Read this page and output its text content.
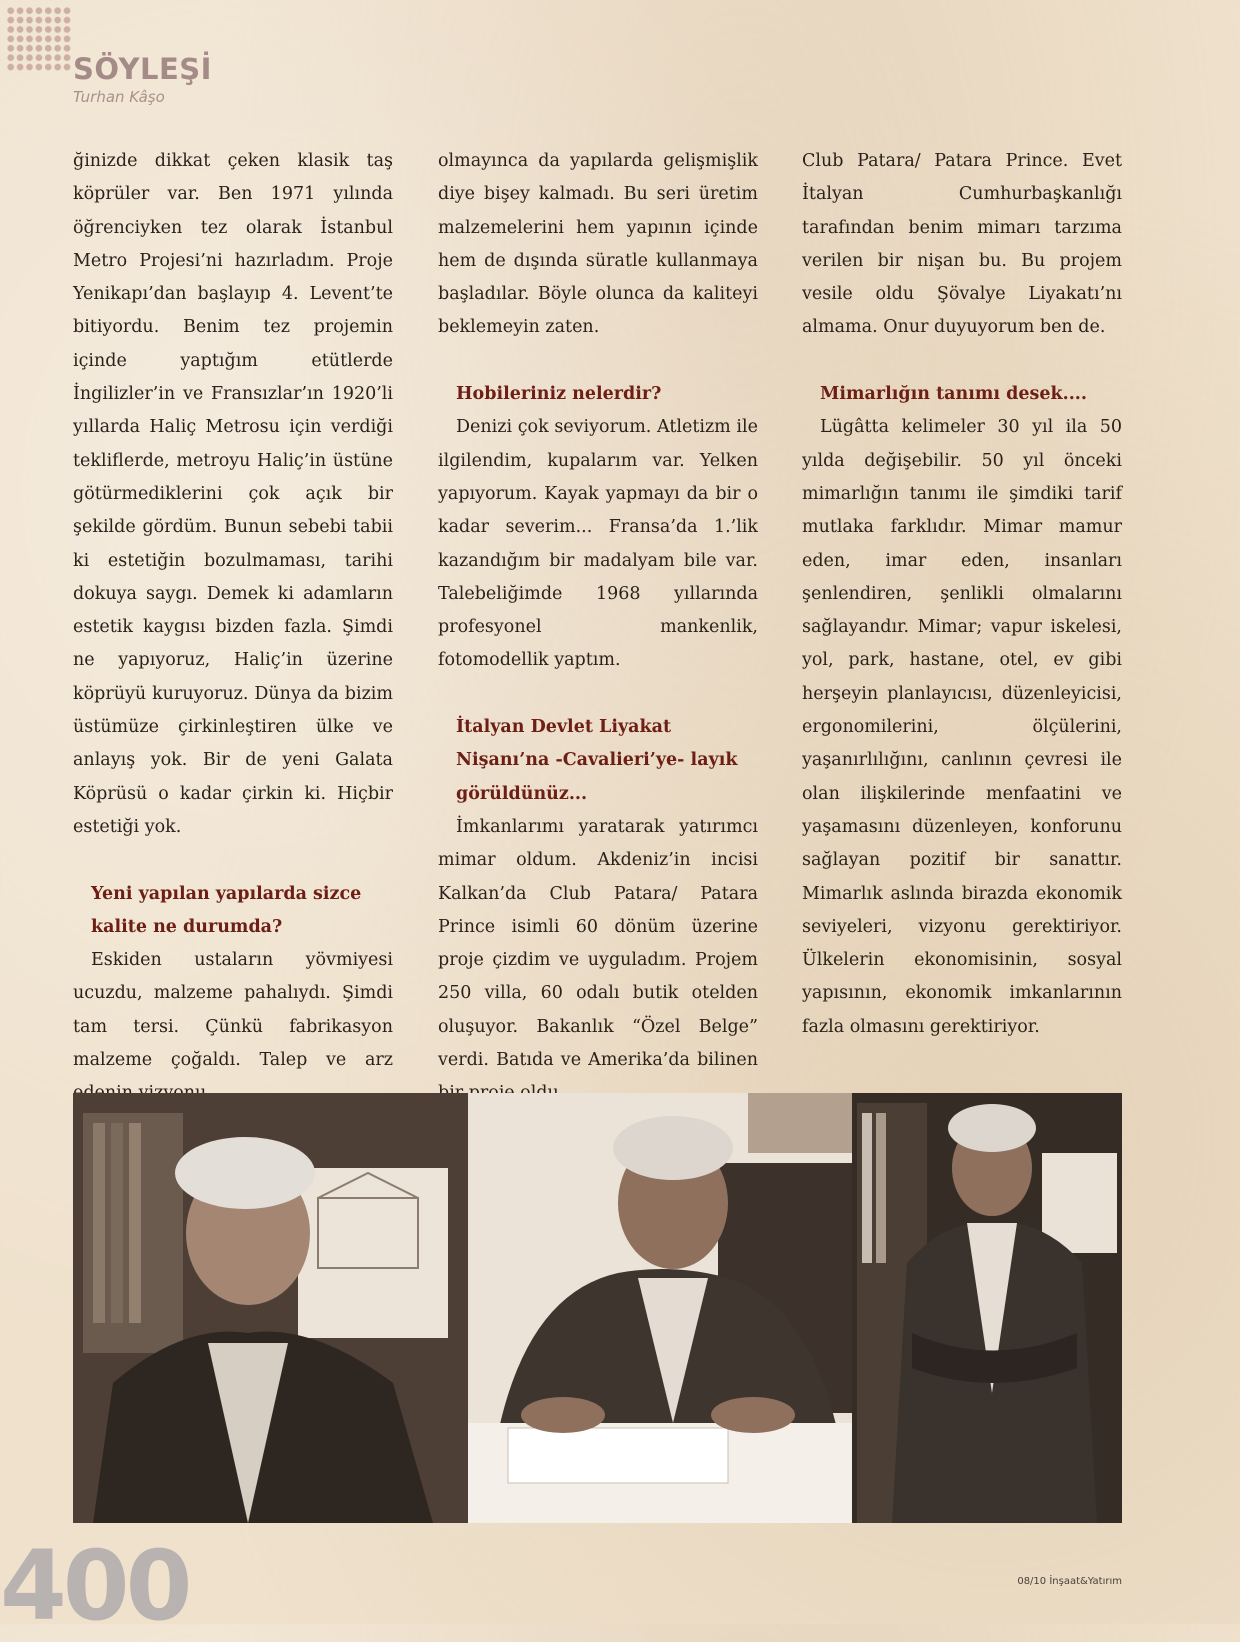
SÖYLEŞİ
Turhan Kâşo

ğinizde dikkat çeken klasik taş köprüler var. Ben 1971 yılında öğrenciyken tez olarak İstanbul Metro Projesi’ni hazırladım. Proje Yenikapı’dan başlayıp 4. Levent’te bitiyordu. Benim tez projemin içinde yaptığım etütlerde İngilizler’in ve Fransızlar’ın 1920’li yıllarda Haliç Metrosu için verdiği tekliflerde, metroyu Haliç’in üstüne götürmediklerini çok açık bir şekilde gördüm. Bunun sebebi tabii ki estetiğin bozulmaması, tarihi dokuya saygı. Demek ki adamların estetik kaygısı bizden fazla. Şimdi ne yapıyoruz, Haliç’in üzerine köprüyü kuruyoruz. Dünya da bizim üstümüze çirkinleştiren ülke ve anlayış yok. Bir de yeni Galata Köprüsü o kadar çirkin ki. Hiçbir estetiği yok.

Yeni yapılan yapılarda sizce kalite ne durumda?

Eskiden ustaların yövmiyesi ucuzdu, malzeme pahalıydı. Şimdi tam tersi. Çünkü fabrikasyon malzeme çoğaldı. Talep ve arz

olmayınca da yapılarda gelişmişlik diye bişey kalmadı. Bu seri üretim malzemelerini hem yapının içinde hem de dışında süratle kullanmaya başladılar. Böyle olunca da kaliteyi beklemeyin zaten.

Hobileriniz nelerdir?

Denizi çok seviyorum. Atletizm ile ilgilendim, kupalarım var. Yelken yapıyorum. Kayak yapmayı da bir o kadar severim... Fransa’da 1.’lik kazandığım bir madalyam bile var. Talebeliğimde 1968 yıllarında profesyonel mankenlik, fotomodellik yaptım.

İtalyan Devlet Liyakat Nişanı’na -Cavalieri’ye- layık görüldünüz...

İmkanlarımı yaratarak yatırımcı mimar oldum. Akdeniz’in incisi Kalkan’da Club Patara/ Patara Prince isimli 60 dönüm üzerine proje çizdim ve uyguladım. Projem 250 villa, 60 odalı butik otelden oluşuyor. Bakanlık “Özel Belge” verdi. Batıda ve Amerika’da bilinen

Club Patara/ Patara Prince. Evet İtalyan Cumhurbaşkanlığı tarafından benim mimarı tarzıma verilen bir nişan bu. Bu projem vesile oldu Şövalye Liyakatı’nı almama. Onur duyuyorum ben de.

Mimarlığın tanımı desek....

Lügâtta kelimeler 30 yıl ila 50 yılda değişebilir. 50 yıl önceki mimarlığın tanımı ile şimdiki tarif mutlaka farklıdır. Mimar mamur eden, imar eden, insanları şenlendiren, şenlikli olmalarını sağlayandır. Mimar; vapur iskelesi, yol, park, hastane, otel, ev gibi herşeyin planlayıcısı, düzenleyicisi, ergonomilerini, ölçülerini, yaşanırlılığını, canlının çevresi ile olan ilişkilerinde menfaatini ve yaşamasını düzenleyen, konforunu sağlayan pozitif bir sanattır. Mimarlık aslında birazda ekonomik seviyeleri, vizyonu gerektiriyor. Ülkelerin ekonomisinin, sosyal yapısının, ekonomik imkanlarının fazla olmasını gerektiriyor.

400	08/10 İnşaat&Yatırım
